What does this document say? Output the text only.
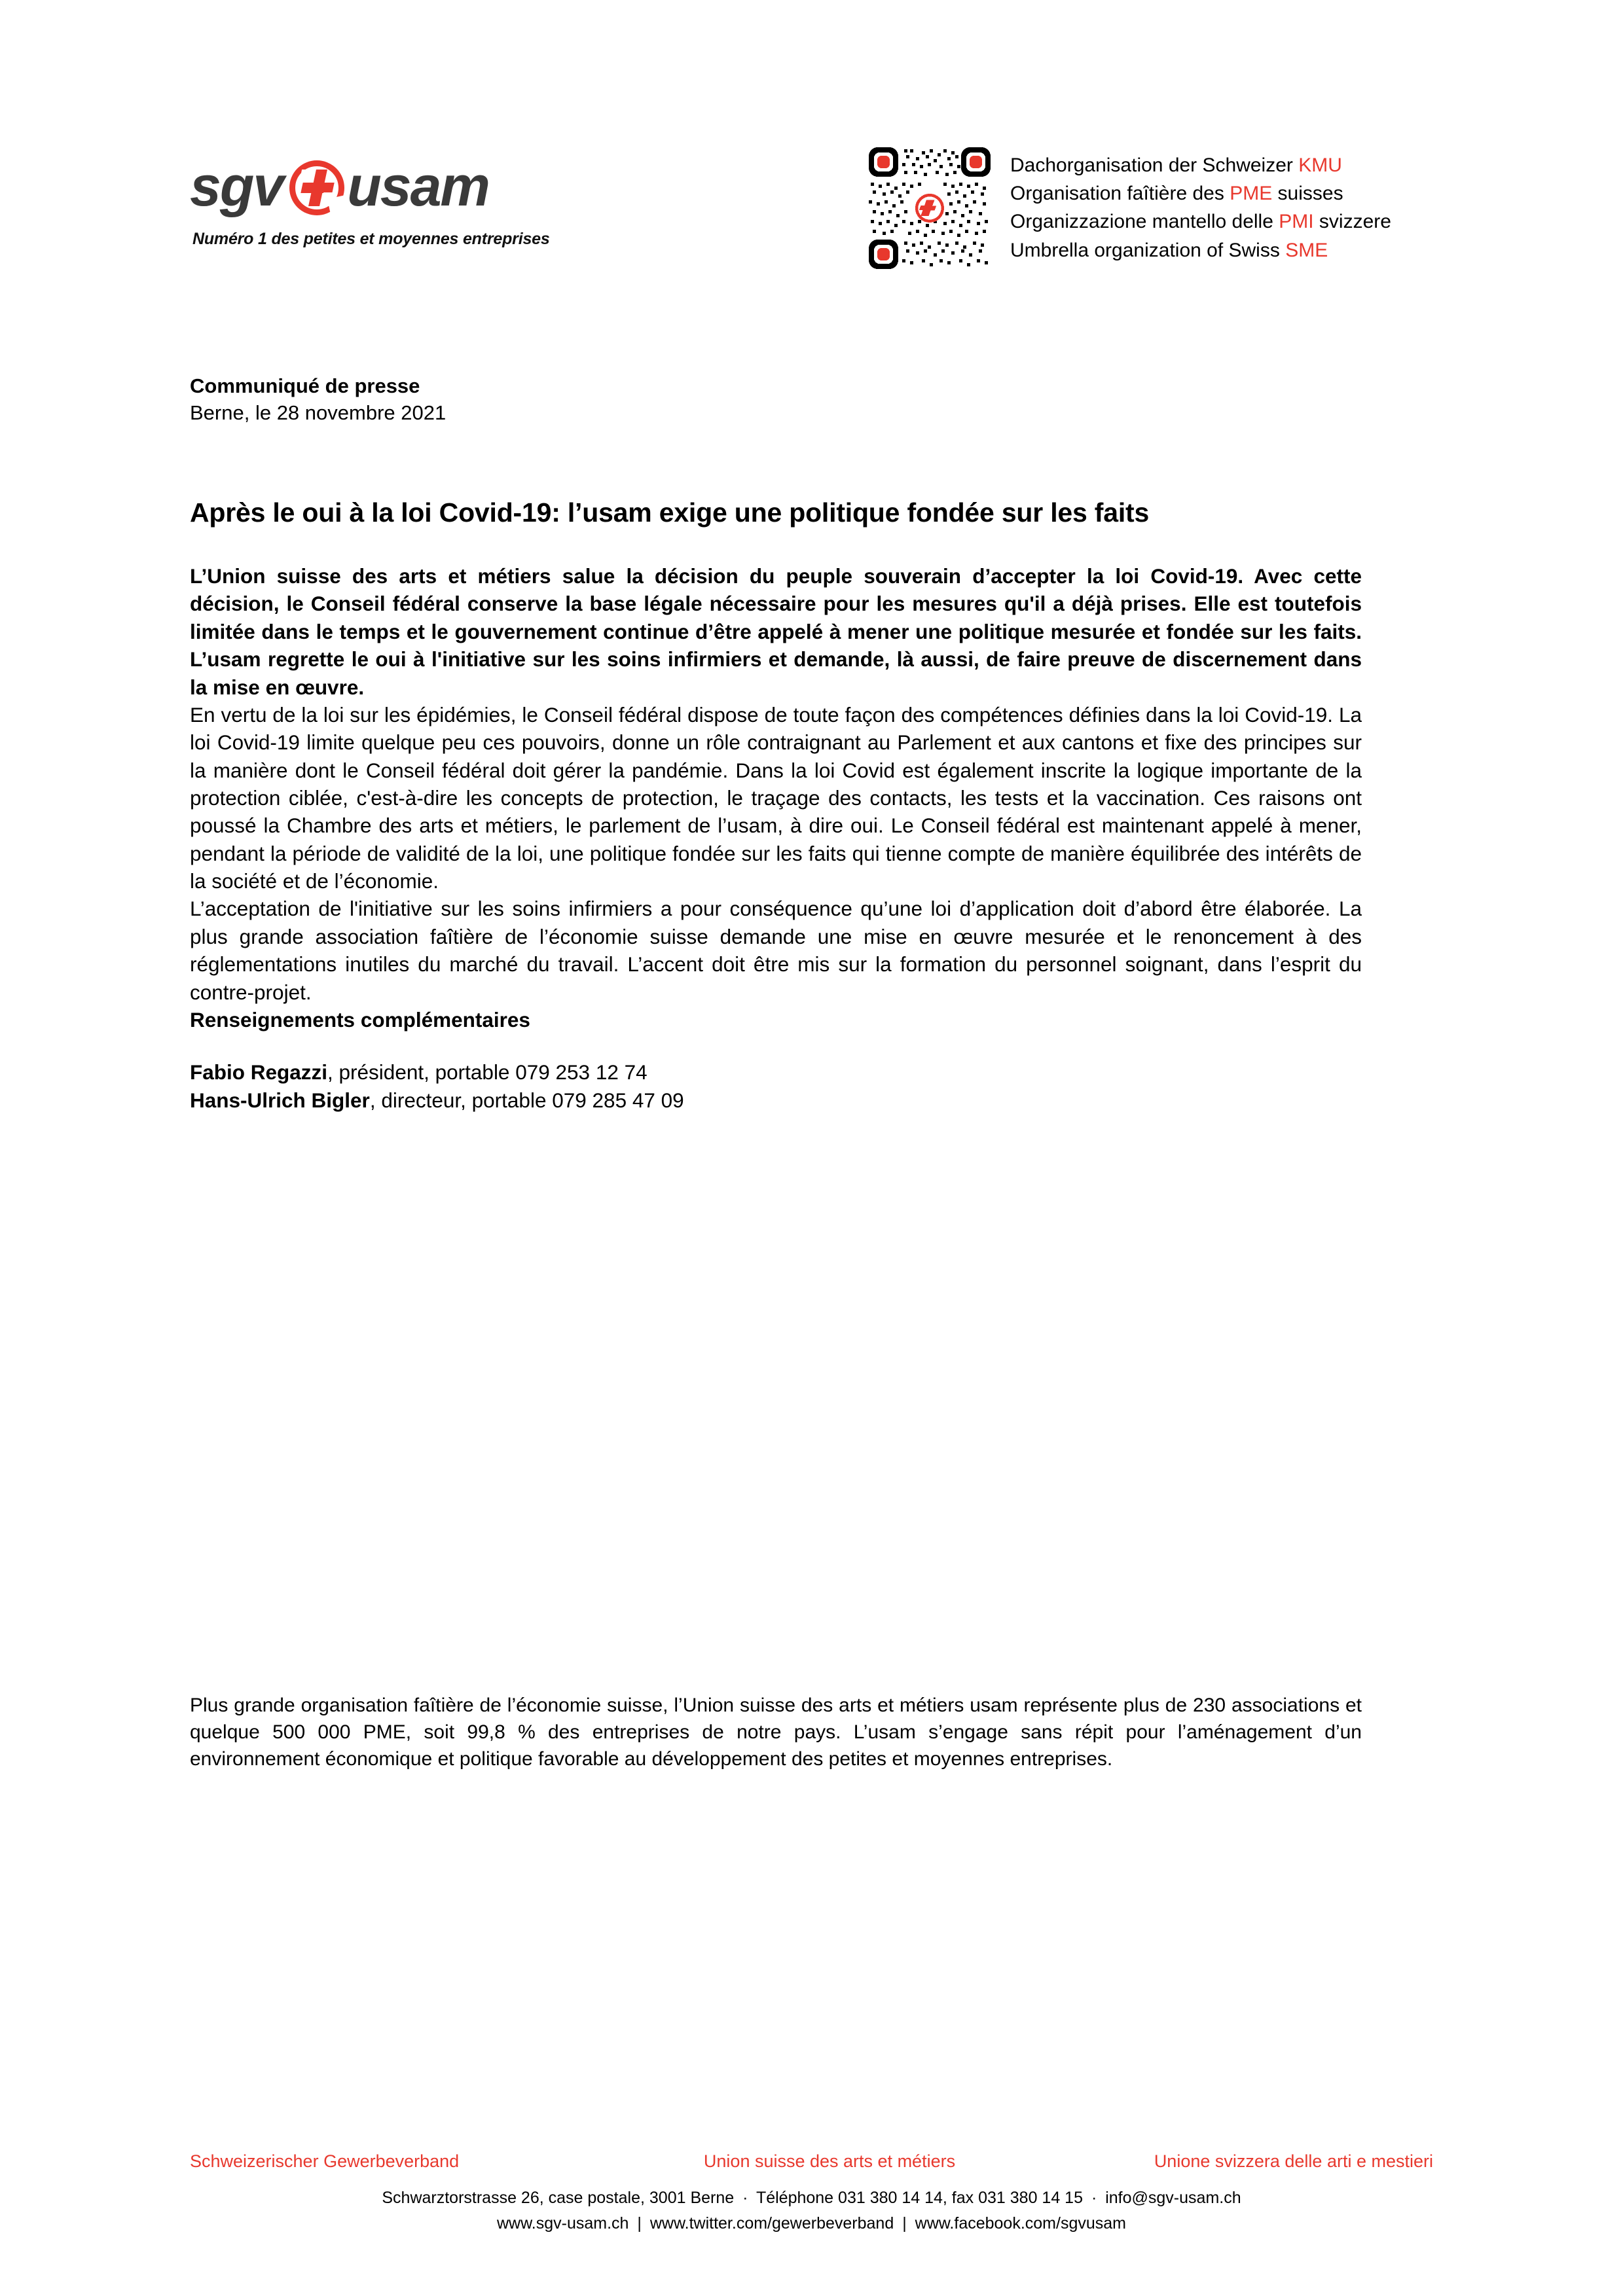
sgv usam
Numéro 1 des petites et moyennes entreprises
Dachorganisation der Schweizer KMU
Organisation faîtière des PME suisses
Organizzazione mantello delle PMI svizzere
Umbrella organization of Swiss SME
Communiqué de presse
Berne, le 28 novembre 2021
Après le oui à la loi Covid-19: l’usam exige une politique fondée sur les faits

L’Union suisse des arts et métiers salue la décision du peuple souverain d’accepter la loi Covid-19. Avec cette décision, le Conseil fédéral conserve la base légale nécessaire pour les mesures qu'il a déjà prises. Elle est toutefois limitée dans le temps et le gouvernement continue d’être appelé à mener une politique mesurée et fondée sur les faits. L’usam regrette le oui à l'initiative sur les soins infirmiers et demande, là aussi, de faire preuve de discernement dans la mise en œuvre.

En vertu de la loi sur les épidémies, le Conseil fédéral dispose de toute façon des compétences définies dans la loi Covid-19. La loi Covid-19 limite quelque peu ces pouvoirs, donne un rôle contraignant au Parlement et aux cantons et fixe des principes sur la manière dont le Conseil fédéral doit gérer la pandémie. Dans la loi Covid est également inscrite la logique importante de la protection ciblée, c'est-à-dire les concepts de protection, le traçage des contacts, les tests et la vaccination. Ces raisons ont poussé la Chambre des arts et métiers, le parlement de l’usam, à dire oui. Le Conseil fédéral est maintenant appelé à mener, pendant la période de validité de la loi, une politique fondée sur les faits qui tienne compte de manière équilibrée des intérêts de la société et de l’économie.

L’acceptation de l'initiative sur les soins infirmiers a pour conséquence qu’une loi d’application doit d’abord être élaborée. La plus grande association faîtière de l’économie suisse demande une mise en œuvre mesurée et le renoncement à des réglementations inutiles du marché du travail. L’accent doit être mis sur la formation du personnel soignant, dans l’esprit du contre-projet.

Renseignements complémentaires
Fabio Regazzi, président, portable 079 253 12 74
Hans-Ulrich Bigler, directeur, portable 079 285 47 09
Plus grande organisation faîtière de l’économie suisse, l’Union suisse des arts et métiers usam représente plus de 230 associations et quelque 500 000 PME, soit 99,8 % des entreprises de notre pays. L’usam s’engage sans répit pour l’aménagement d’un environnement économique et politique favorable au développement des petites et moyennes entreprises.
Schweizerischer Gewerbeverband	Union suisse des arts et métiers	Unione svizzera delle arti e mestieri
Schwarztorstrasse 26, case postale, 3001 Berne · Téléphone 031 380 14 14, fax 031 380 14 15 · info@sgv-usam.ch
www.sgv-usam.ch | www.twitter.com/gewerbeverband | www.facebook.com/sgvusam
